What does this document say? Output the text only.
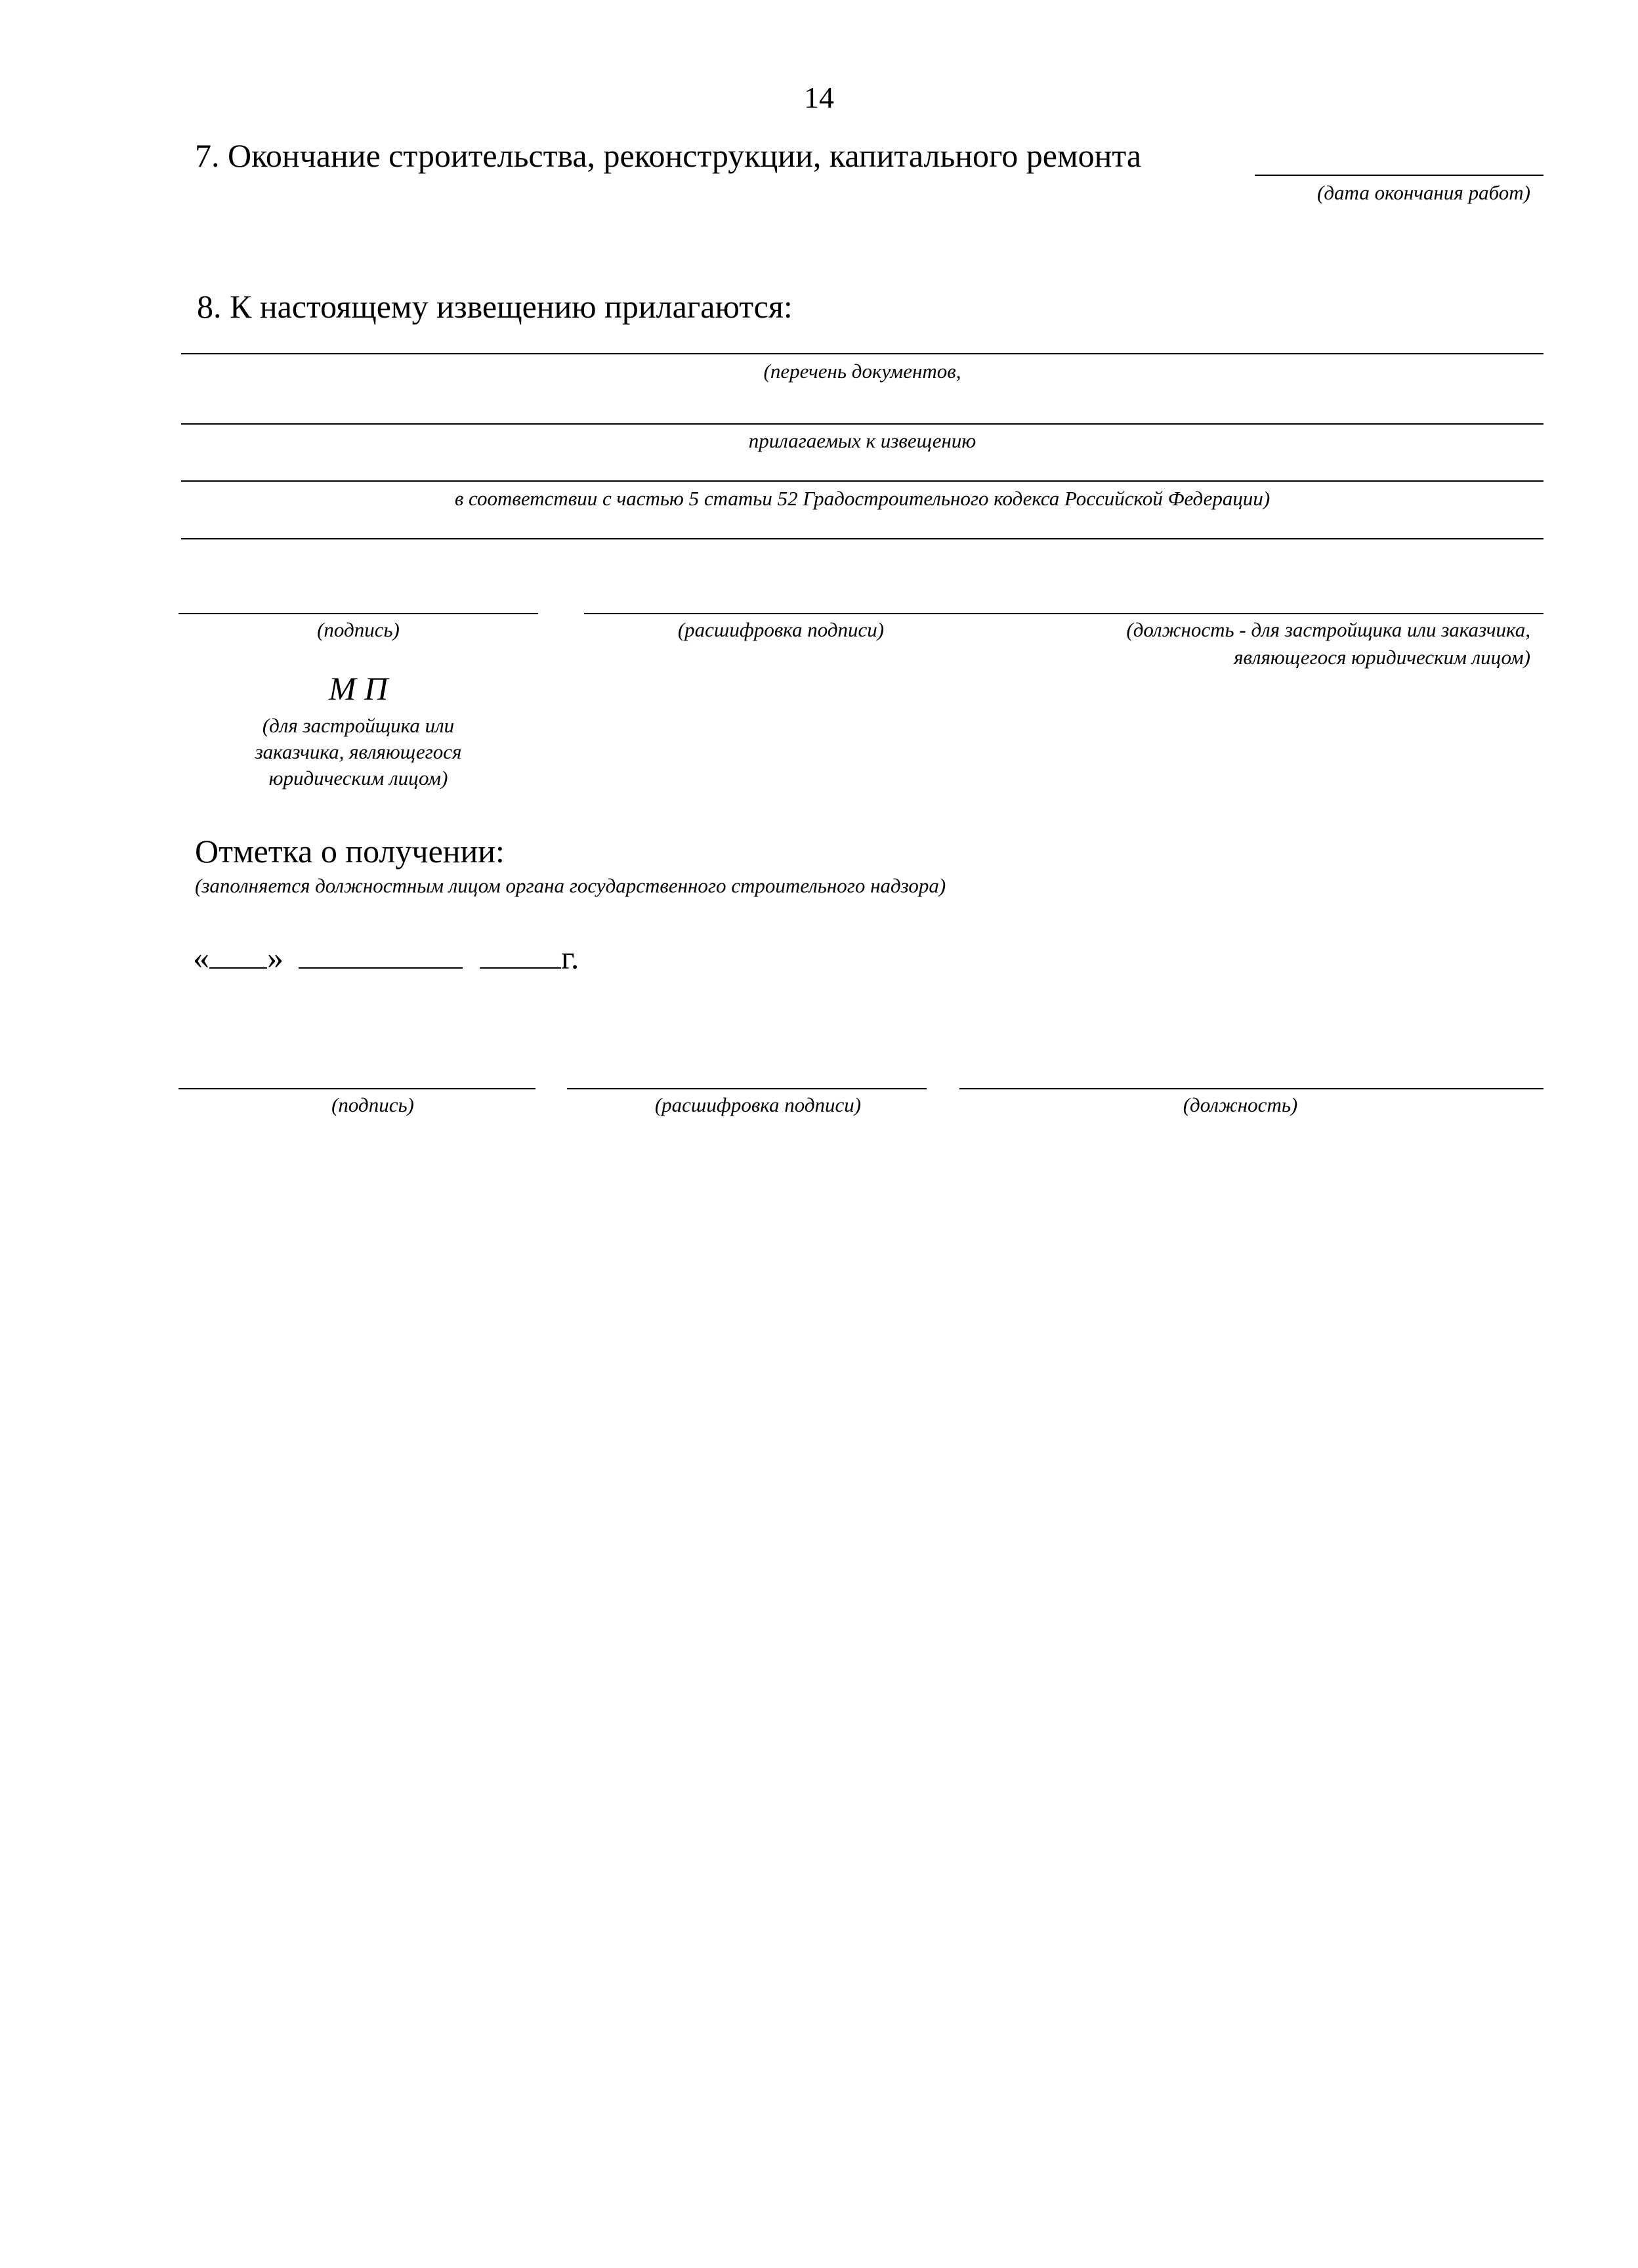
14
7. Окончание строительства, реконструкции, капитального ремонта
(дата окончания работ)
8. К настоящему извещению прилагаются:
(перечень документов,
прилагаемых к извещению
в соответствии с частью 5 статьи 52 Градостроительного кодекса Российской Федерации)
(подпись)	(расшифровка подписи)	(должность - для застройщика или заказчика,
являющегося юридическим лицом)
М П
(для застройщика или
заказчика, являющегося
юридическим лицом)
Отметка о получении:
(заполняется должностным лицом органа государственного строительного надзора)
« »	г.
(подпись)	(расшифровка подписи)	(должность)
